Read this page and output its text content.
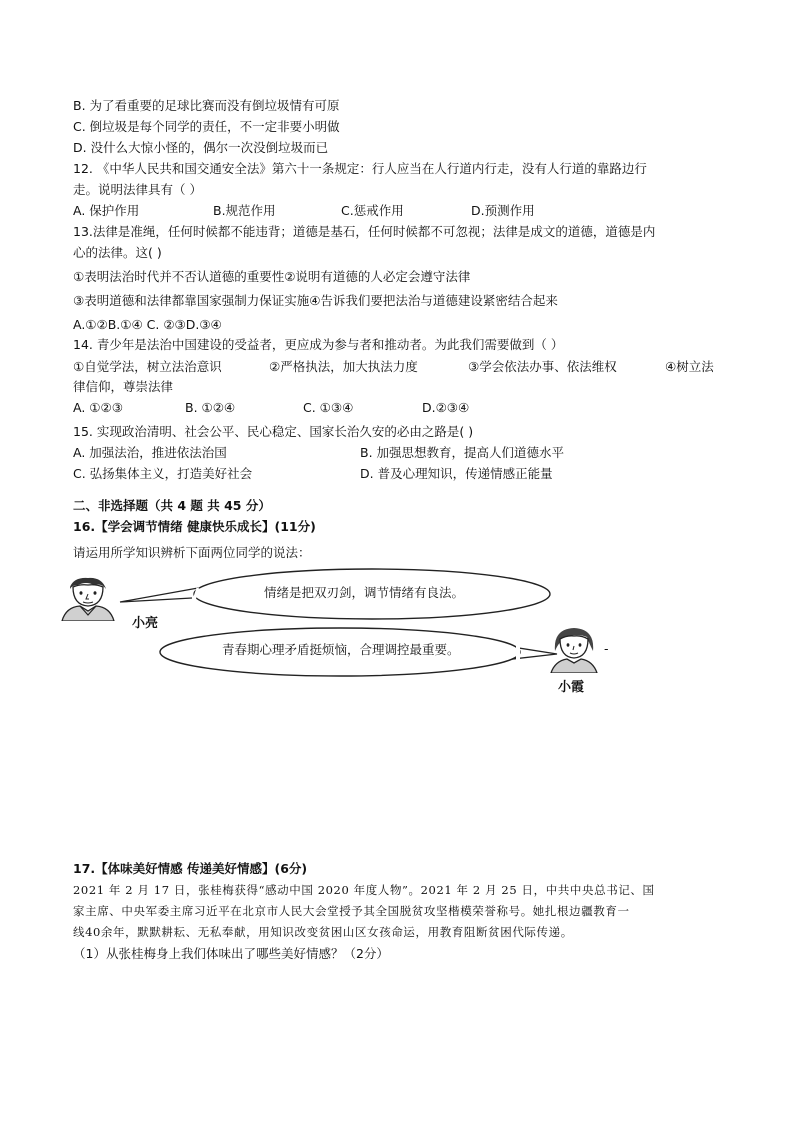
B. 为了看重要的足球比赛而没有倒垃圾情有可原
C. 倒垃圾是每个同学的责任，不一定非要小明做
D. 没什么大惊小怪的，偶尔一次没倒垃圾而已
12. 《中华人民共和国交通安全法》第六十一条规定：行人应当在人行道内行走，没有人行道的靠路边行
走。说明法律具有（ ）
A. 保护作用	B.规范作用	C.惩戒作用	D.预测作用
13.法律是准绳，任何时候都不能违背；道德是基石，任何时候都不可忽视；法律是成文的道德，道德是内
心的法律。这( )
①表明法治时代并不否认道德的重要性②说明有道德的人必定会遵守法律
③表明道德和法律都靠国家强制力保证实施④告诉我们要把法治与道德建设紧密结合起来
A.①②B.①④ C. ②③D.③④
14. 青少年是法治中国建设的受益者，更应成为参与者和推动者。为此我们需要做到（ ）
①自觉学法，树立法治意识	②严格执法，加大执法力度	③学会依法办事、依法维权	④树立法
律信仰，尊崇法律
A. ①②③	B. ①②④	C. ①③④	D.②③④
15. 实现政治清明、社会公平、民心稳定、国家长治久安的必由之路是( )
A. 加强法治，推进依法治国	B. 加强思想教育，提高人们道德水平
C. 弘扬集体主义，打造美好社会	D. 普及心理知识，传递情感正能量
二、非选择题（共 4 题 共 45 分）
16.【学会调节情绪 健康快乐成长】(11分)
请运用所学知识辨析下面两位同学的说法：
小亮
情绪是把双刃剑，调节情绪有良法。
青春期心理矛盾挺烦恼，合理调控最重要。	-
小霞
17.【体味美好情感 传递美好情感】(6分)
2021 年 2 月 17 日，张桂梅获得“感动中国 2020 年度人物”。2021 年 2 月 25 日，中共中央总书记、国
家主席、中央军委主席习近平在北京市人民大会堂授予其全国脱贫攻坚楷模荣誉称号。她扎根边疆教育一
线40余年，默默耕耘、无私奉献，用知识改变贫困山区女孩命运，用教育阻断贫困代际传递。
（1）从张桂梅身上我们体味出了哪些美好情感？（2分）
